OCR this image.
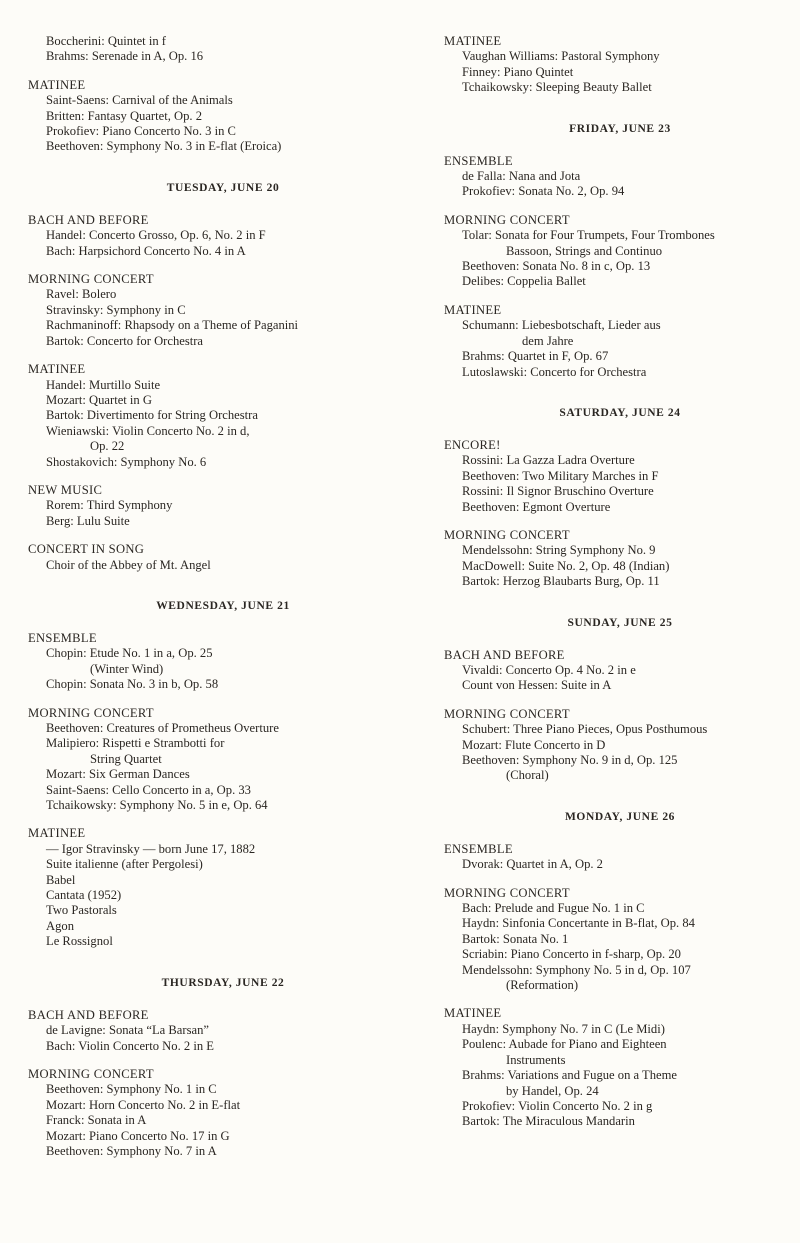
Boccherini: Quintet in f
Brahms: Serenade in A, Op. 16
MATINEE
Saint-Saens: Carnival of the Animals
Britten: Fantasy Quartet, Op. 2
Prokofiev: Piano Concerto No. 3 in C
Beethoven: Symphony No. 3 in E-flat (Eroica)
TUESDAY, JUNE 20
BACH AND BEFORE
Handel: Concerto Grosso, Op. 6, No. 2 in F
Bach: Harpsichord Concerto No. 4 in A
MORNING CONCERT
Ravel: Bolero
Stravinsky: Symphony in C
Rachmaninoff: Rhapsody on a Theme of Paganini
Bartok: Concerto for Orchestra
MATINEE
Handel: Murtillo Suite
Mozart: Quartet in G
Bartok: Divertimento for String Orchestra
Wieniawski: Violin Concerto No. 2 in d,
Op. 22
Shostakovich: Symphony No. 6
NEW MUSIC
Rorem: Third Symphony
Berg: Lulu Suite
CONCERT IN SONG
Choir of the Abbey of Mt. Angel
WEDNESDAY, JUNE 21
ENSEMBLE
Chopin: Etude No. 1 in a, Op. 25
(Winter Wind)
Chopin: Sonata No. 3 in b, Op. 58
MORNING CONCERT
Beethoven: Creatures of Prometheus Overture
Malipiero: Rispetti e Strambotti for
String Quartet
Mozart: Six German Dances
Saint-Saens: Cello Concerto in a, Op. 33
Tchaikowsky: Symphony No. 5 in e, Op. 64
MATINEE
— Igor Stravinsky — born June 17, 1882
Suite italienne (after Pergolesi)
Babel
Cantata (1952)
Two Pastorals
Agon
Le Rossignol
THURSDAY, JUNE 22
BACH AND BEFORE
de Lavigne: Sonata “La Barsan”
Bach: Violin Concerto No. 2 in E
MORNING CONCERT
Beethoven: Symphony No. 1 in C
Mozart: Horn Concerto No. 2 in E-flat
Franck: Sonata in A
Mozart: Piano Concerto No. 17 in G
Beethoven: Symphony No. 7 in A
MATINEE
Vaughan Williams: Pastoral Symphony
Finney: Piano Quintet
Tchaikowsky: Sleeping Beauty Ballet
FRIDAY, JUNE 23
ENSEMBLE
de Falla: Nana and Jota
Prokofiev: Sonata No. 2, Op. 94
MORNING CONCERT
Tolar: Sonata for Four Trumpets, Four Trombones
Bassoon, Strings and Continuo
Beethoven: Sonata No. 8 in c, Op. 13
Delibes: Coppelia Ballet
MATINEE
Schumann: Liebesbotschaft, Lieder aus
dem Jahre
Brahms: Quartet in F, Op. 67
Lutoslawski: Concerto for Orchestra
SATURDAY, JUNE 24
ENCORE!
Rossini: La Gazza Ladra Overture
Beethoven: Two Military Marches in F
Rossini: Il Signor Bruschino Overture
Beethoven: Egmont Overture
MORNING CONCERT
Mendelssohn: String Symphony No. 9
MacDowell: Suite No. 2, Op. 48 (Indian)
Bartok: Herzog Blaubarts Burg, Op. 11
SUNDAY, JUNE 25
BACH AND BEFORE
Vivaldi: Concerto Op. 4 No. 2 in e
Count von Hessen: Suite in A
MORNING CONCERT
Schubert: Three Piano Pieces, Opus Posthumous
Mozart: Flute Concerto in D
Beethoven: Symphony No. 9 in d, Op. 125
(Choral)
MONDAY, JUNE 26
ENSEMBLE
Dvorak: Quartet in A, Op. 2
MORNING CONCERT
Bach: Prelude and Fugue No. 1 in C
Haydn: Sinfonia Concertante in B-flat, Op. 84
Bartok: Sonata No. 1
Scriabin: Piano Concerto in f-sharp, Op. 20
Mendelssohn: Symphony No. 5 in d, Op. 107
(Reformation)
MATINEE
Haydn: Symphony No. 7 in C (Le Midi)
Poulenc: Aubade for Piano and Eighteen
Instruments
Brahms: Variations and Fugue on a Theme
by Handel, Op. 24
Prokofiev: Violin Concerto No. 2 in g
Bartok: The Miraculous Mandarin
